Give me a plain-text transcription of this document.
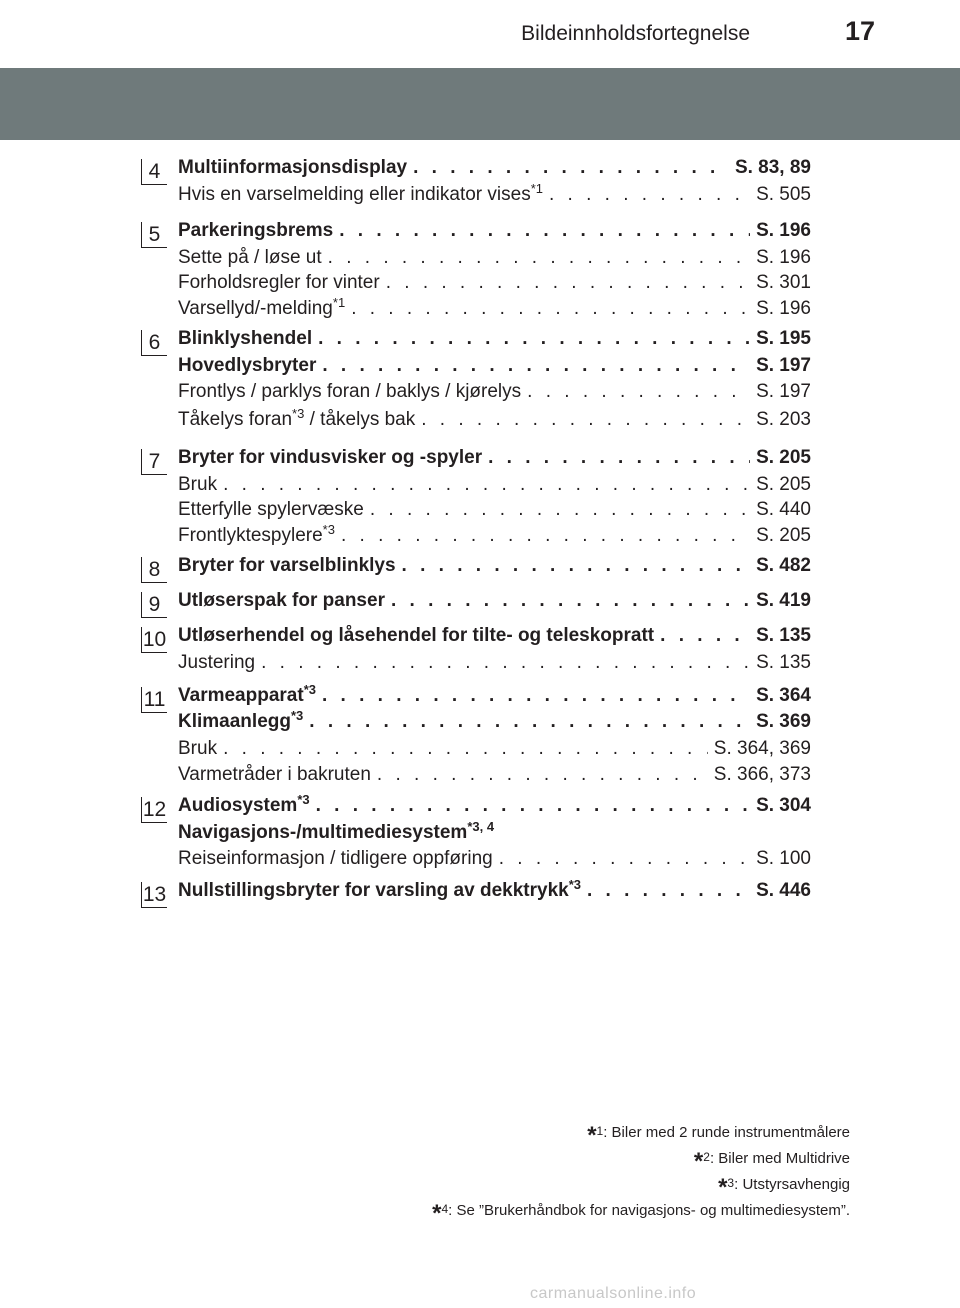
Bildeinnholdsfortegnelse	17
4 Multiinformasjonsdisplay . . .	S. 83, 89
Hvis en varselmelding eller indikator vises$^{*1}$ . . .	S. 505
5 Parkeringsbrems . . .	S. 196
Sette på / løse ut . . .	S. 196
Forholdsregler for vinter . . .	S. 301
Varsellyd/-melding$^{*1}$ . . .	S. 196
6 Blinklyshendel . . .	S. 195
Hovedlysbryter . . .	S. 197
Frontlys / parklys foran / baklys / kjørelys . . .	S. 197
Tåkelys foran$^{*3}$ / tåkelys bak . . .	S. 203
7 Bryter for vindusvisker og -spyler . . .	S. 205
Bruk . . .	S. 205
Etterfylle spylervæske . . .	S. 440
Frontlyktespylere$^{*3}$ . . .	S. 205
8 Bryter for varselblinklys . . .	S. 482
9 Utløserspak for panser . . .	S. 419
10 Utløserhendel og låsehendel for tilte- og teleskopratt . . .	S. 135
Justering . . .	S. 135
11 Varmeapparat$^{*3}$ . . .	S. 364
Klimaanlegg$^{*3}$ . . .	S. 369
Bruk . . .	S. 364, 369
Varmetråder i bakruten . . .	S. 366, 373
12 Audiosystem$^{*3}$ . . .	S. 304
Navigasjons-/multimediesystem$^{*3, 4}$
Reiseinformasjon / tidligere oppføring . . .	S. 100
13 Nullstillingsbryter for varsling av dekktrykk$^{*3}$ . . .	S. 446
*$^1$: Biler med 2 runde instrumentmålere
*$^2$: Biler med Multidrive
*$^3$: Utstyrsavhengig
*$^4$: Se ”Brukerhåndbok for navigasjons- og multimediesystem”.
carmanualsonline.info
